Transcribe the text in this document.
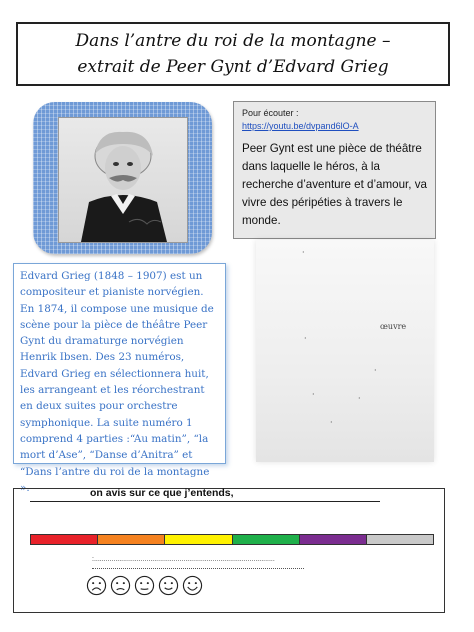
Dans l’antre du roi de la montagne –
extrait de Peer Gynt d’Edvard Grieg
Pour écouter :
https://youtu.be/dvpand6lO-A
Peer Gynt est une pièce de théâtre dans laquelle le héros, à la recherche d’aventure et d’amour, va vivre des péripéties à travers le monde.
Edvard Grieg (1848 – 1907) est un compositeur et pianiste norvégien. En 1874, il compose une musique de scène pour la pièce de théâtre Peer Gynt du dramaturge norvégien Henrik Ibsen. Des 23 numéros, Edvard Grieg en sélectionnera huit, les arrangeant et les réorchestrant en deux suites pour orchestre symphonique. La suite numéro 1 comprend 4 parties :“Au matin”, “la mort d’Ase”, “Danse d’Anitra” et “Dans l’antre du roi de la montagne ».
œuvre
·
·
·
·
·
·
on avis sur ce que j’entends,
:.............................................................................................
